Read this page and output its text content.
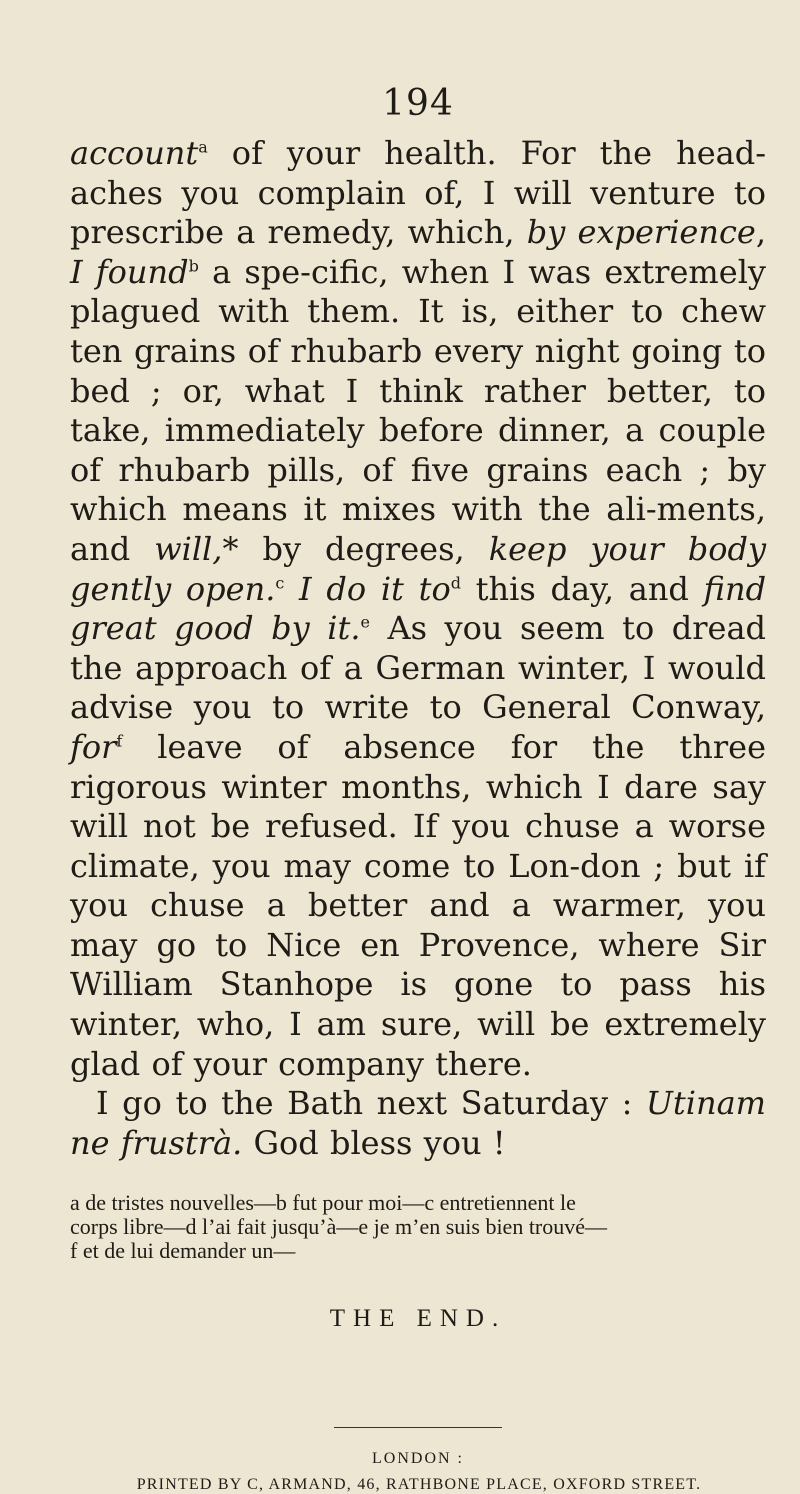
194

account$^a$ of your health. For the head-aches you complain of, I will venture to prescribe a remedy, which, by experience, I found$^b$ a spe-cific, when I was extremely plagued with them. It is, either to chew ten grains of rhubarb every night going to bed ; or, what I think rather better, to take, immediately before dinner, a couple of rhubarb pills, of five grains each ; by which means it mixes with the ali-ments, and will,* by degrees, keep your body gently open.$^c$ I do it $to^d$ this day, and find great good by it.$^e$ As you seem to dread the approach of a German winter, I would advise you to write to General Conway, for$^f$ leave of absence for the three rigorous winter months, which I dare say will not be refused. If you chuse a worse climate, you may come to Lon-don ; but if you chuse a better and a warmer, you may go to Nice en Provence, where Sir William Stanhope is gone to pass his winter, who, I am sure, will be extremely glad of your company there.

I go to the Bath next Saturday : Utinam ne frustrà. God bless you !

a de tristes nouvelles—b fut pour moi—c entretiennent le

corps libre—d l’ai fait jusqu’à—e je m’en suis bien trouvé—

f et de lui demander un—

THE END.
LONDON :
PRINTED BY C, ARMAND, 46, RATHBONE PLACE, OXFORD STREET.
